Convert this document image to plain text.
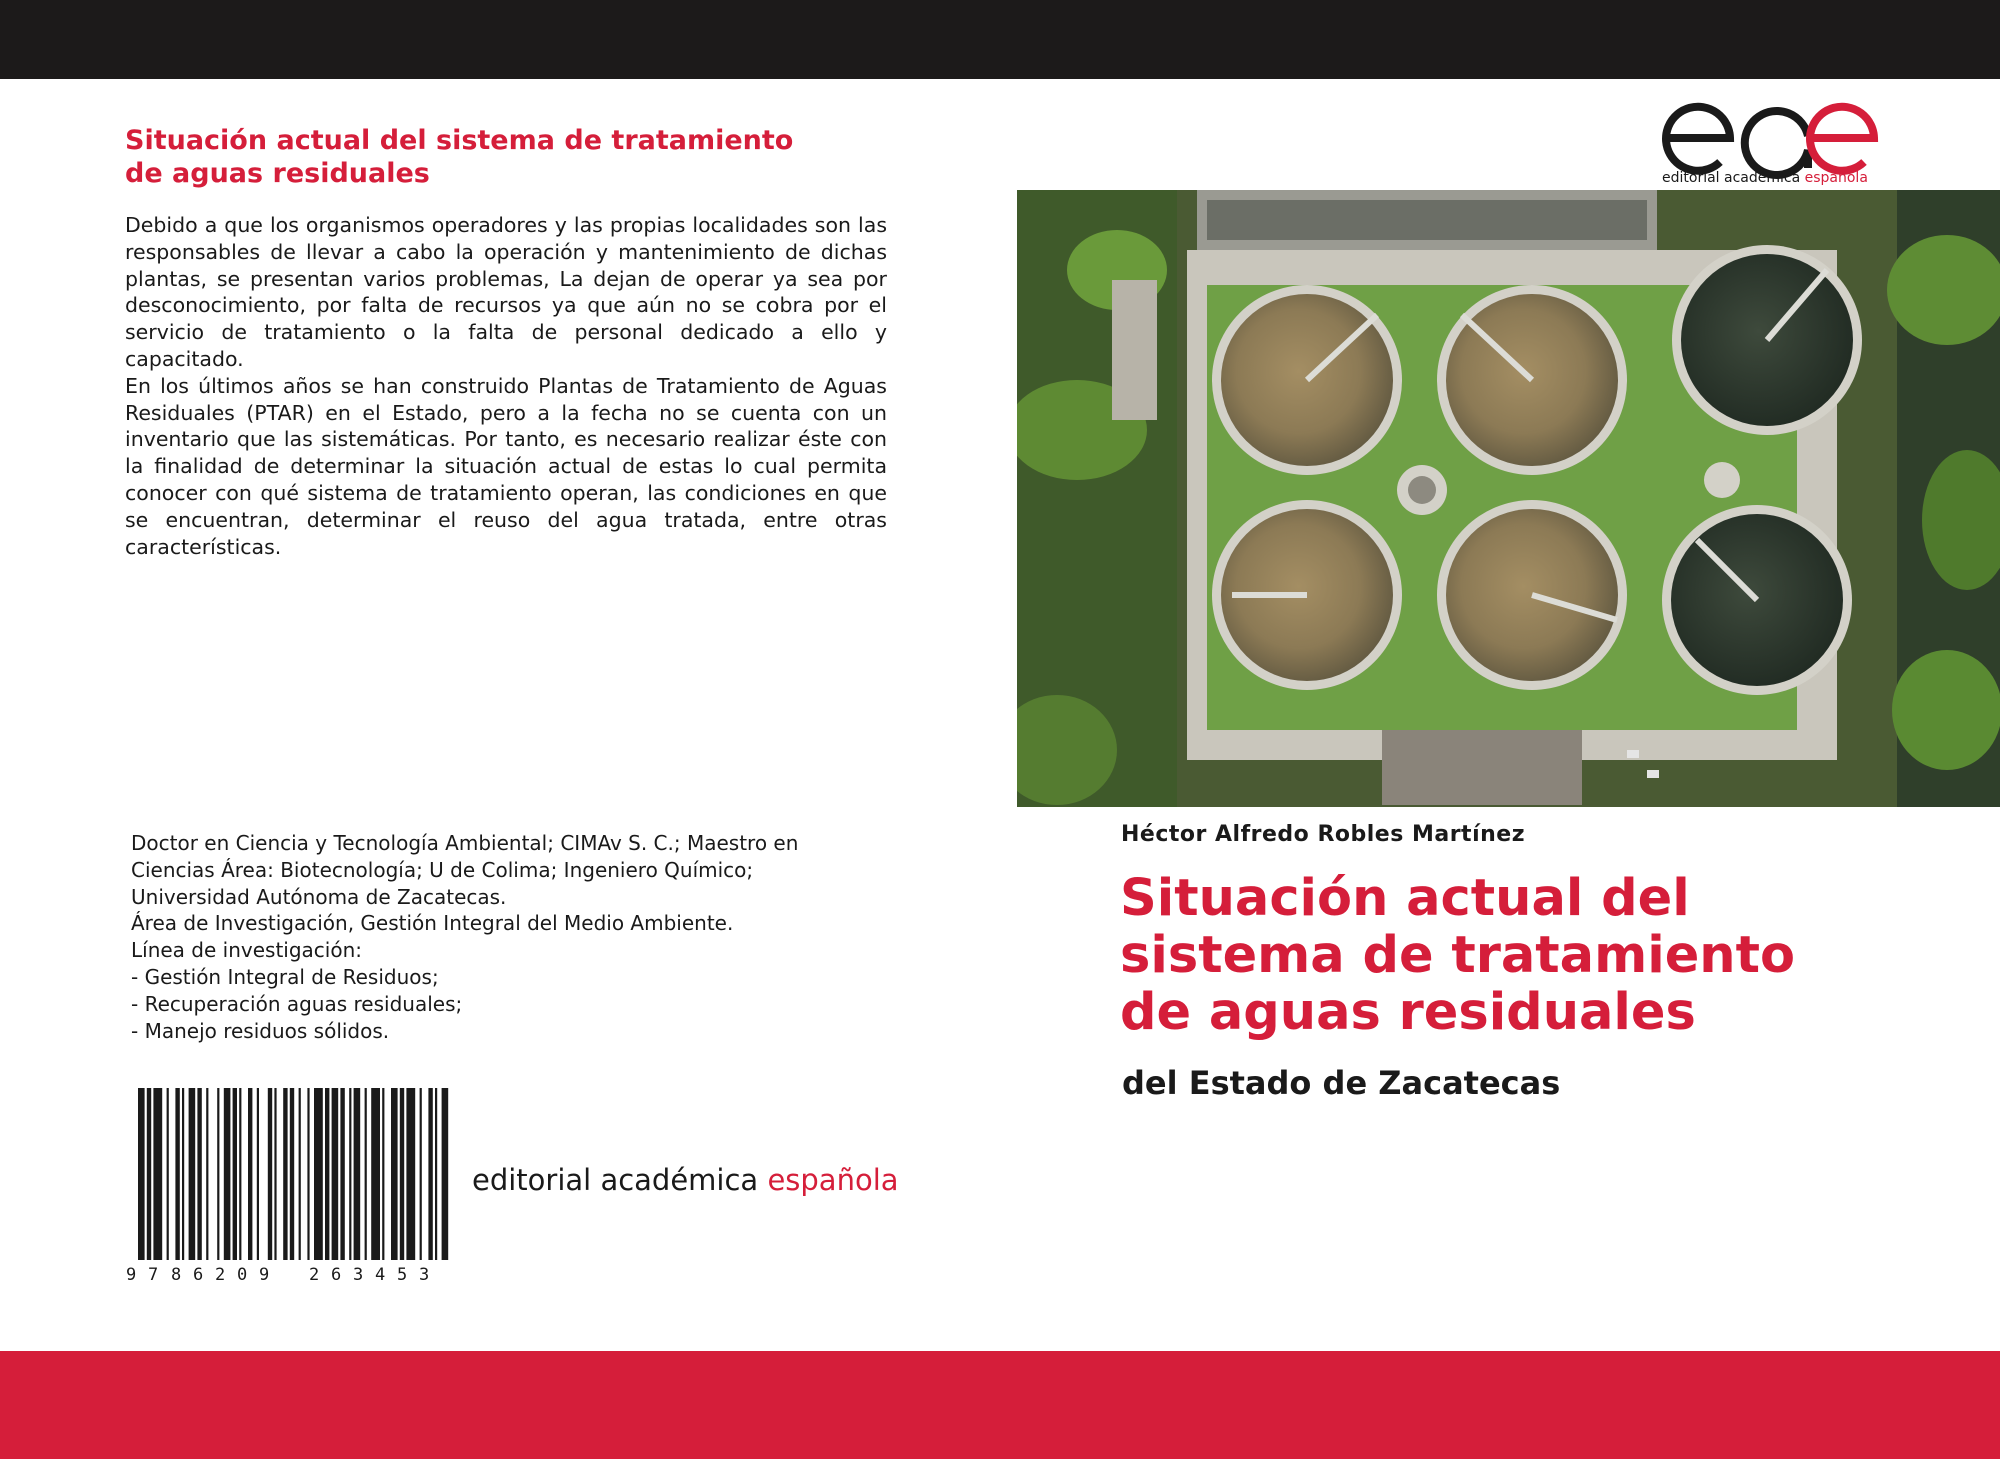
Situación actual del sistema de tratamiento
de aguas residuales

Debido a que los organismos operadores y las propias localidades son las responsables de llevar a cabo la operación y mantenimiento de dichas plantas, se presentan varios problemas, La dejan de operar ya sea por desconocimiento, por falta de recursos ya que aún no se cobra por el servicio de tratamiento o la falta de personal dedicado a ello y capacitado.

En los últimos años se han construido Plantas de Tratamiento de Aguas Residuales (PTAR) en el Estado, pero a la fecha no se cuenta con un inventario que las sistemáticas. Por tanto, es necesario realizar éste con la finalidad de determinar la situación actual de estas lo cual permita conocer con qué sistema de tratamiento operan, las condiciones en que se encuentran, determinar el reuso del agua tratada, entre otras características.

Doctor en Ciencia y Tecnología Ambiental; CIMAv S. C.; Maestro en
Ciencias Área: Biotecnología; U de Colima; Ingeniero Químico;
Universidad Autónoma de Zacatecas.
Área de Investigación, Gestión Integral del Medio Ambiente.
Línea de investigación:
- Gestión Integral de Residuos;
- Recuperación aguas residuales;
- Manejo residuos sólidos.
9 7 8 6 2 0 9 2 6 3 4 5 3
editorial académica española
editorial académica española
Héctor Alfredo Robles Martínez
Situación actual del
sistema de tratamiento
de aguas residuales
del Estado de Zacatecas
